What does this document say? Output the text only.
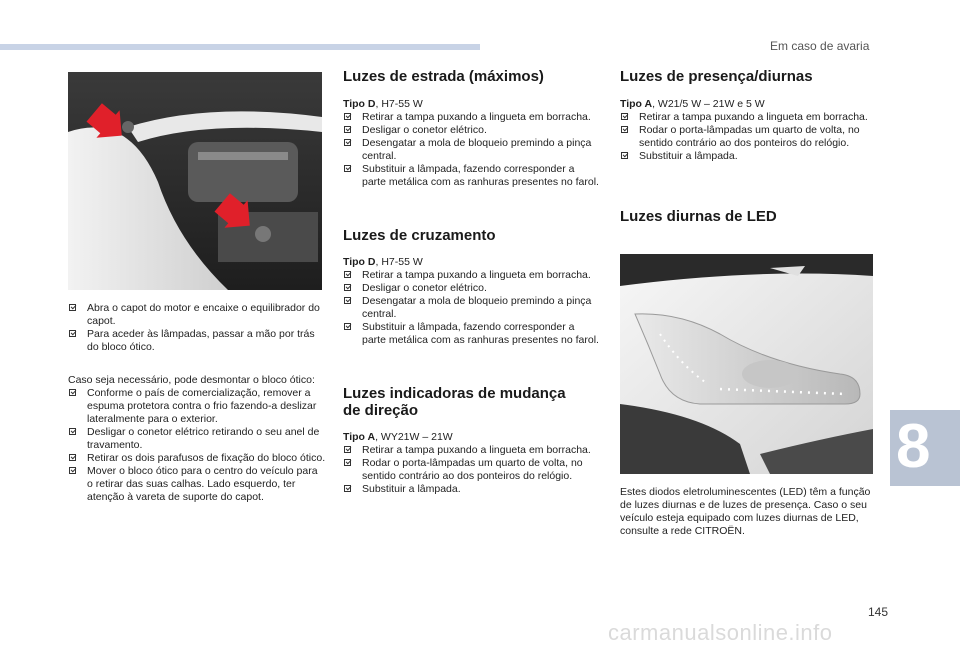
Em caso de avaria
8
Abra o capot do motor e encaixe o equilibrador do capot.
Para aceder às lâmpadas, passar a mão por trás do bloco ótico.

Caso seja necessário, pode desmontar o bloco ótico:

Conforme o país de comercialização, remover a espuma protetora contra o frio fazendo-a deslizar lateralmente para o exterior.
Desligar o conetor elétrico retirando o seu anel de travamento.
Retirar os dois parafusos de fixação do bloco ótico.
Mover o bloco ótico para o centro do veículo para o retirar das suas calhas. Lado esquerdo, ter atenção à vareta de suporte do capot.
Luzes de estrada (máximos)

Tipo D, H7-55 W

Retirar a tampa puxando a lingueta em borracha.
Desligar o conetor elétrico.
Desengatar a mola de bloqueio premindo a pinça central.
Substituir a lâmpada, fazendo corresponder a parte metálica com as ranhuras presentes no farol.
Luzes de cruzamento

Tipo D, H7-55 W

Retirar a tampa puxando a lingueta em borracha.
Desligar o conetor elétrico.
Desengatar a mola de bloqueio premindo a pinça central.
Substituir a lâmpada, fazendo corresponder a parte metálica com as ranhuras presentes no farol.
Luzes indicadoras de mudança
de direção

Tipo A, WY21W – 21W

Retirar a tampa puxando a lingueta em borracha.
Rodar o porta-lâmpadas um quarto de volta, no sentido contrário ao dos ponteiros do relógio.
Substituir a lâmpada.
Luzes de presença/diurnas

Tipo A, W21/5 W – 21W e 5 W

Retirar a tampa puxando a lingueta em borracha.
Rodar o porta-lâmpadas um quarto de volta, no sentido contrário ao dos ponteiros do relógio.
Substituir a lâmpada.
Luzes diurnas de LED

Estes diodos eletroluminescentes (LED) têm a função de luzes diurnas e de luzes de presença. Caso o seu veículo esteja equipado com luzes diurnas de LED, consulte a rede CITROËN.

145
carmanualsonline.info
